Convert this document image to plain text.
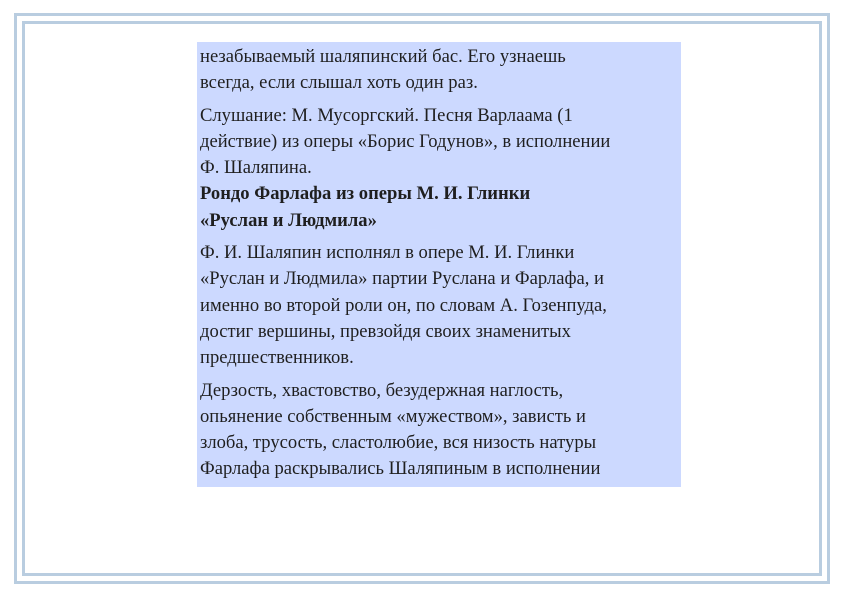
незабываемый шаляпинский бас. Его узнаешь
всегда, если слышал хоть один раз.

Слушание: М. Мусоргский. Песня Варлаама (1
действие) из оперы «Борис Годунов», в исполнении
Ф. Шаляпина.

Рондо Фарлафа из оперы М. И. Глинки
«Руслан и Людмила»

Ф. И. Шаляпин исполнял в опере М. И. Глинки
«Руслан и Людмила» партии Руслана и Фарлафа, и
именно во второй роли он, по словам А. Гозенпуда,
достиг вершины, превзойдя своих знаменитых
предшественников.

Дерзость, хвастовство, безудержная наглость,
опьянение собственным «мужеством», зависть и
злоба, трусость, сластолюбие, вся низость натуры
Фарлафа раскрывались Шаляпиным в исполнении
